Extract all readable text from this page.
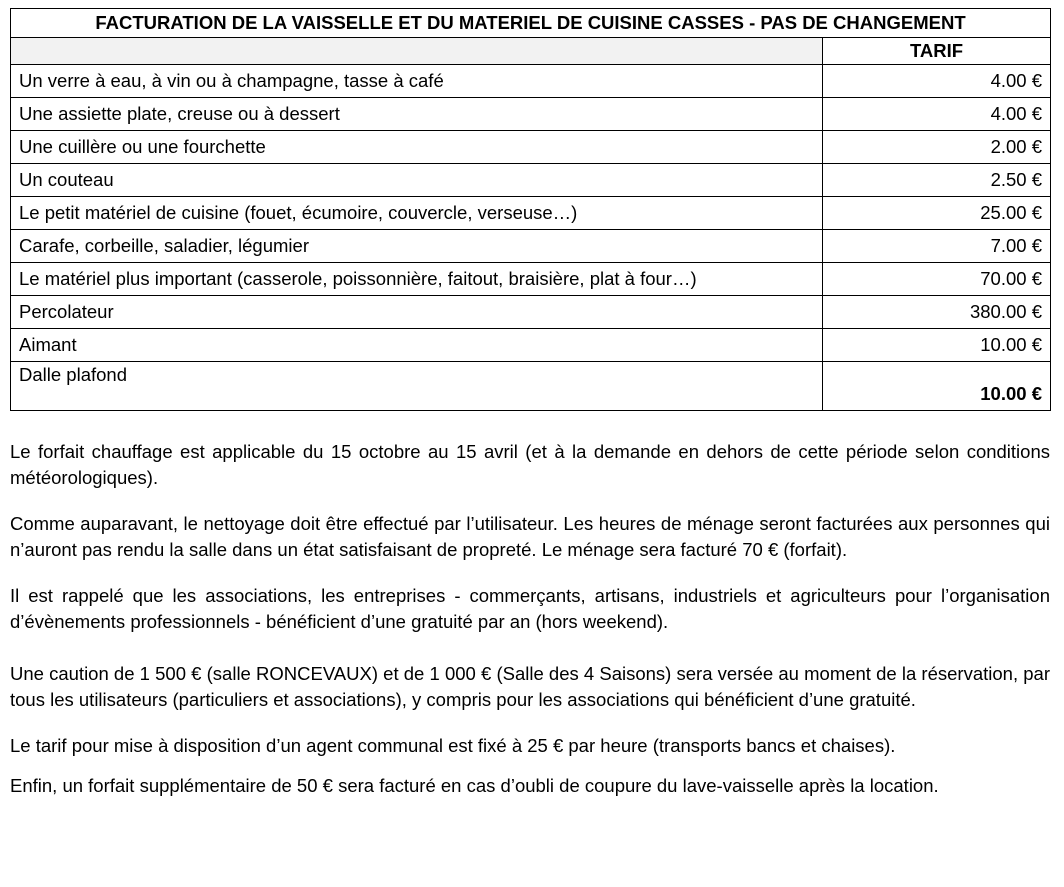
FACTURATION DE LA VAISSELLE ET DU MATERIEL DE CUISINE CASSES - PAS DE CHANGEMENT	
	TARIF
Un verre à eau, à vin ou à champagne, tasse à café	4.00 €
Une assiette plate, creuse ou à dessert	4.00 €
Une cuillère ou une fourchette	2.00 €
Un couteau	2.50 €
Le petit matériel de cuisine (fouet, écumoire, couvercle, verseuse…)	25.00 €
Carafe, corbeille, saladier, légumier	7.00 €
Le matériel plus important (casserole, poissonnière, faitout, braisière, plat à four…)	70.00 €
Percolateur	380.00 €
Aimant	10.00 €
Dalle plafond	10.00 €

Le forfait chauffage est applicable du 15 octobre au 15 avril (et à la demande en dehors de cette période selon conditions météorologiques).

Comme auparavant, le nettoyage doit être effectué par l’utilisateur. Les heures de ménage seront facturées aux personnes qui n’auront pas rendu la salle dans un état satisfaisant de propreté. Le ménage sera facturé 70 € (forfait).

Il est rappelé que les associations, les entreprises - commerçants, artisans, industriels et agriculteurs pour l’organisation d’évènements professionnels - bénéficient d’une gratuité par an (hors weekend).

Une caution de 1 500 € (salle RONCEVAUX) et de 1 000 € (Salle des 4 Saisons) sera versée au moment de la réservation, par tous les utilisateurs (particuliers et associations), y compris pour les associations qui bénéficient d’une gratuité.

Le tarif pour mise à disposition d’un agent communal est fixé à 25 € par heure (transports bancs et chaises).

Enfin, un forfait supplémentaire de 50 € sera facturé en cas d’oubli de coupure du lave-vaisselle après la location.
